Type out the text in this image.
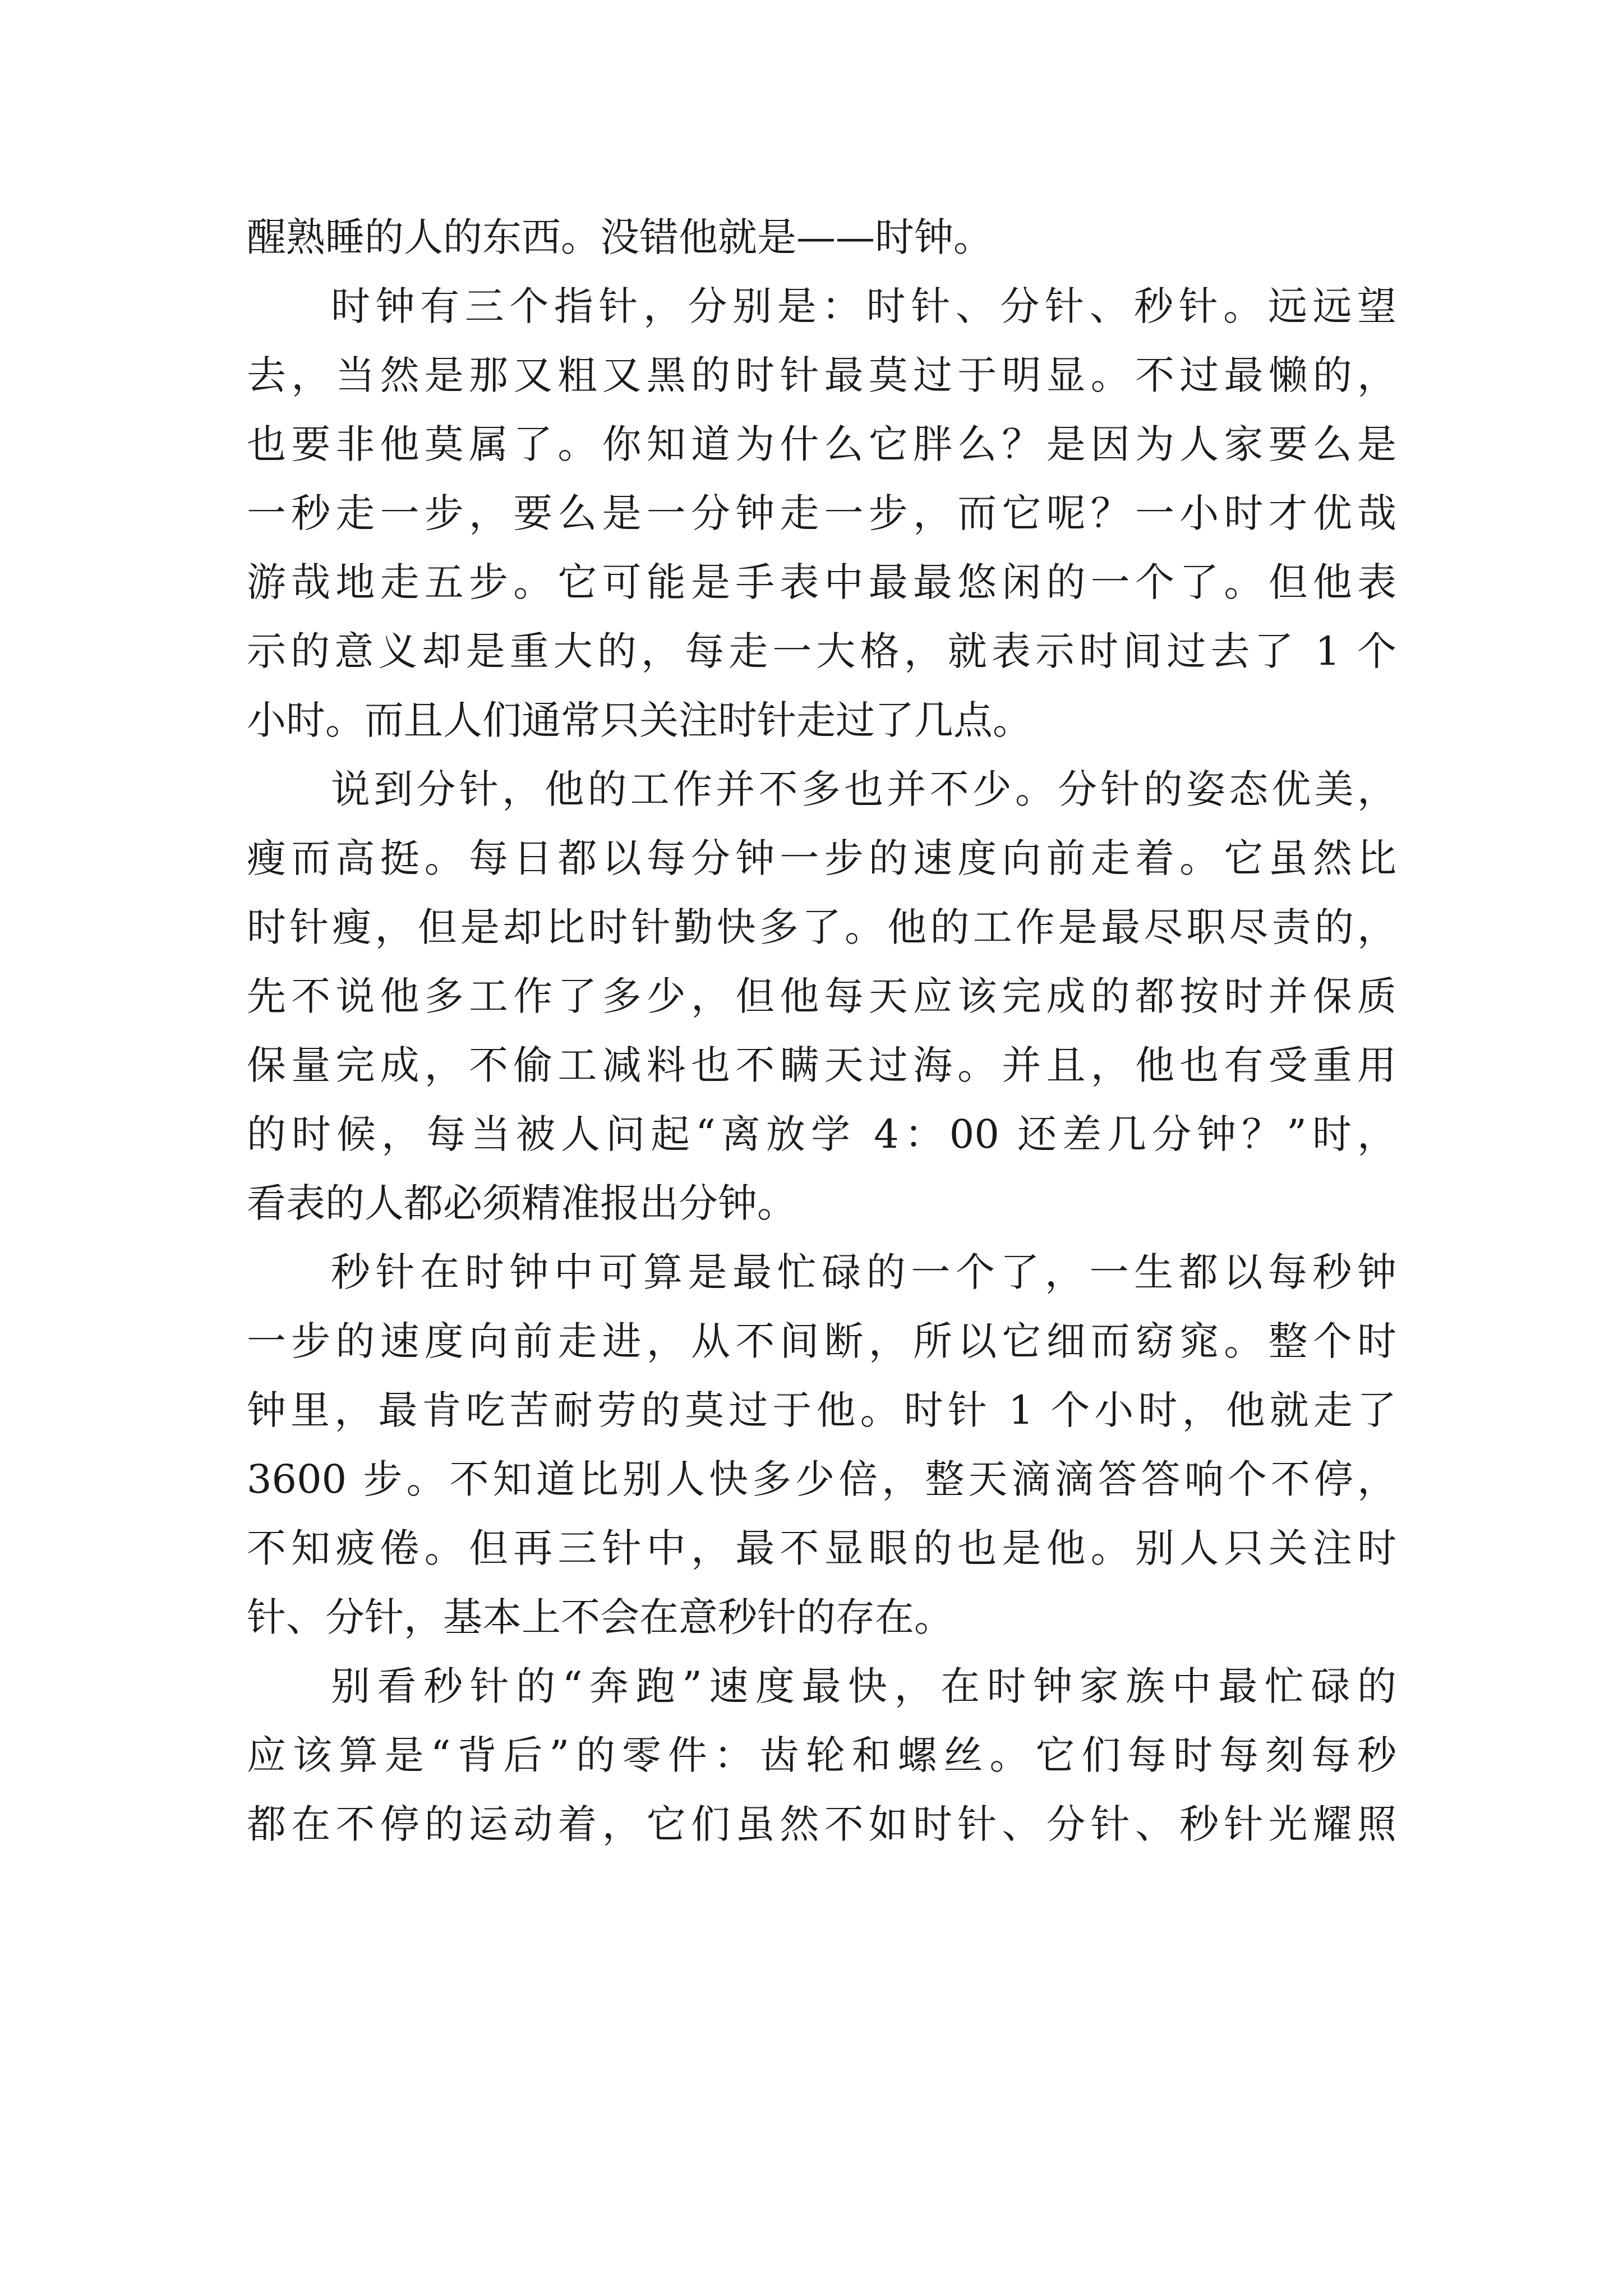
醒熟睡的人的东西。没错他就是——时钟。
时钟有三个指针，分别是：时针、分针、秒针。远远望
去，当然是那又粗又黑的时针最莫过于明显。不过最懒的，
也要非他莫属了。你知道为什么它胖么？是因为人家要么是
一秒走一步，要么是一分钟走一步，而它呢？一小时才优哉
游哉地走五步。它可能是手表中最最悠闲的一个了。但他表
示的意义却是重大的，每走一大格，就表示时间过去了 1 个
小时。而且人们通常只关注时针走过了几点。
说到分针，他的工作并不多也并不少。分针的姿态优美，
瘦而高挺。每日都以每分钟一步的速度向前走着。它虽然比
时针瘦，但是却比时针勤快多了。他的工作是最尽职尽责的，
先不说他多工作了多少，但他每天应该完成的都按时并保质
保量完成，不偷工减料也不瞒天过海。并且，他也有受重用
的时候，每当被人问起“离放学 4：00 还差几分钟？”时，
看表的人都必须精准报出分钟。
秒针在时钟中可算是最忙碌的一个了，一生都以每秒钟
一步的速度向前走进，从不间断，所以它细而窈窕。整个时
钟里，最肯吃苦耐劳的莫过于他。时针 1 个小时，他就走了
3600 步。不知道比别人快多少倍，整天滴滴答答响个不停，
不知疲倦。但再三针中，最不显眼的也是他。别人只关注时
针、分针，基本上不会在意秒针的存在。
别看秒针的“奔跑”速度最快，在时钟家族中最忙碌的
应该算是“背后”的零件：齿轮和螺丝。它们每时每刻每秒
都在不停的运动着，它们虽然不如时针、分针、秒针光耀照
